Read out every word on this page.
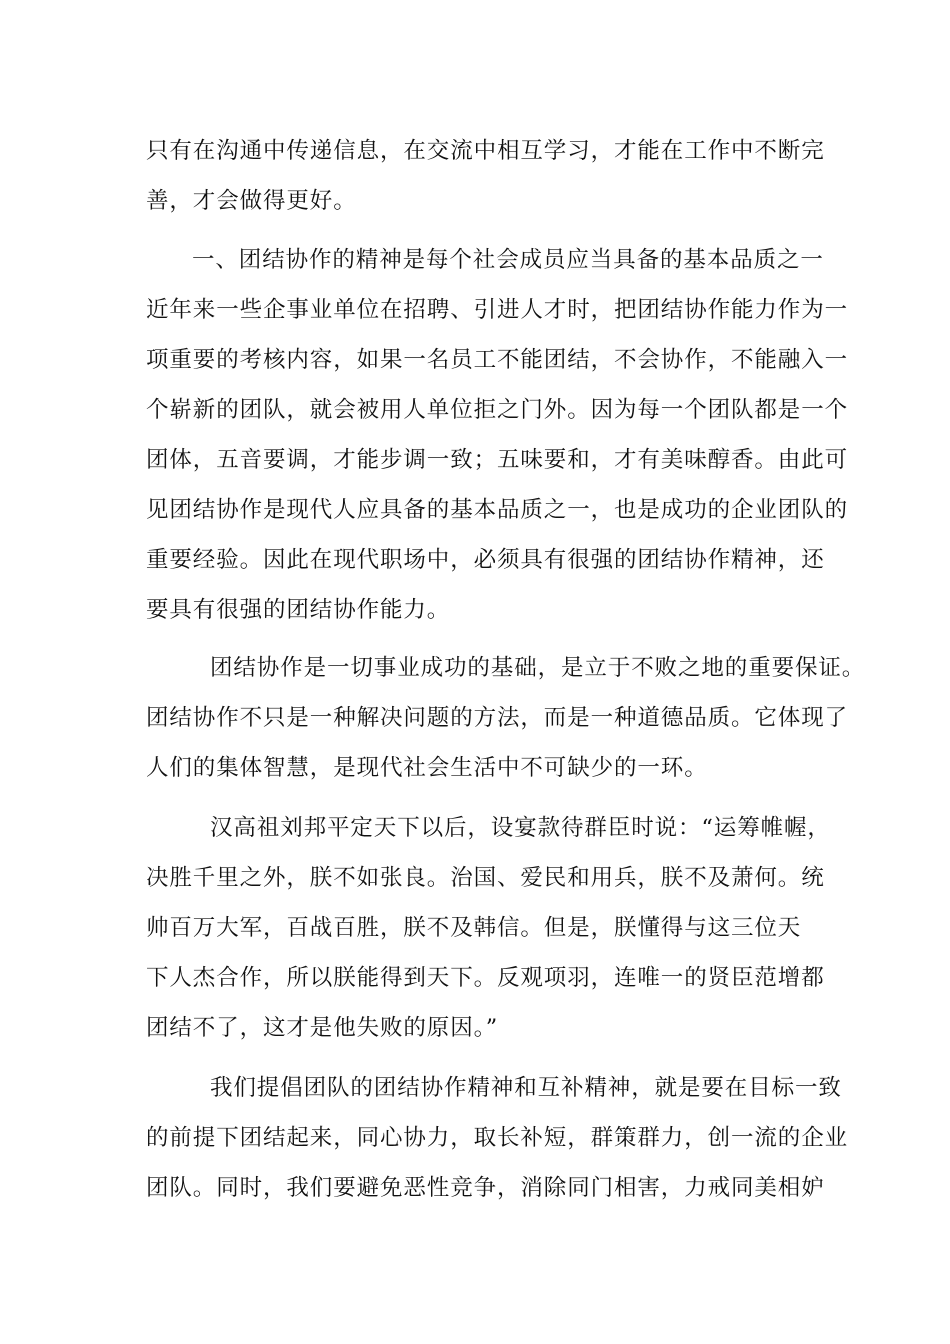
只有在沟通中传递信息，在交流中相互学习，才能在工作中不断完

善，才会做得更好。

一、团结协作的精神是每个社会成员应当具备的基本品质之一

近年来一些企事业单位在招聘、引进人才时，把团结协作能力作为一

项重要的考核内容，如果一名员工不能团结，不会协作，不能融入一

个崭新的团队，就会被用人单位拒之门外。因为每一个团队都是一个

团体，五音要调，才能步调一致；五味要和，才有美味醇香。由此可

见团结协作是现代人应具备的基本品质之一，也是成功的企业团队的

重要经验。因此在现代职场中，必须具有很强的团结协作精神，还

要具有很强的团结协作能力。

团结协作是一切事业成功的基础，是立于不败之地的重要保证。

团结协作不只是一种解决问题的方法，而是一种道德品质。它体现了

人们的集体智慧，是现代社会生活中不可缺少的一环。

汉高祖刘邦平定天下以后，设宴款待群臣时说：“运筹帷幄，

决胜千里之外，朕不如张良。治国、爱民和用兵，朕不及萧何。统

帅百万大军，百战百胜，朕不及韩信。但是，朕懂得与这三位天

下人杰合作，所以朕能得到天下。反观项羽，连唯一的贤臣范增都

团结不了，这才是他失败的原因。”

我们提倡团队的团结协作精神和互补精神，就是要在目标一致

的前提下团结起来，同心协力，取长补短，群策群力，创一流的企业

团队。同时，我们要避免恶性竞争，消除同门相害，力戒同美相妒
